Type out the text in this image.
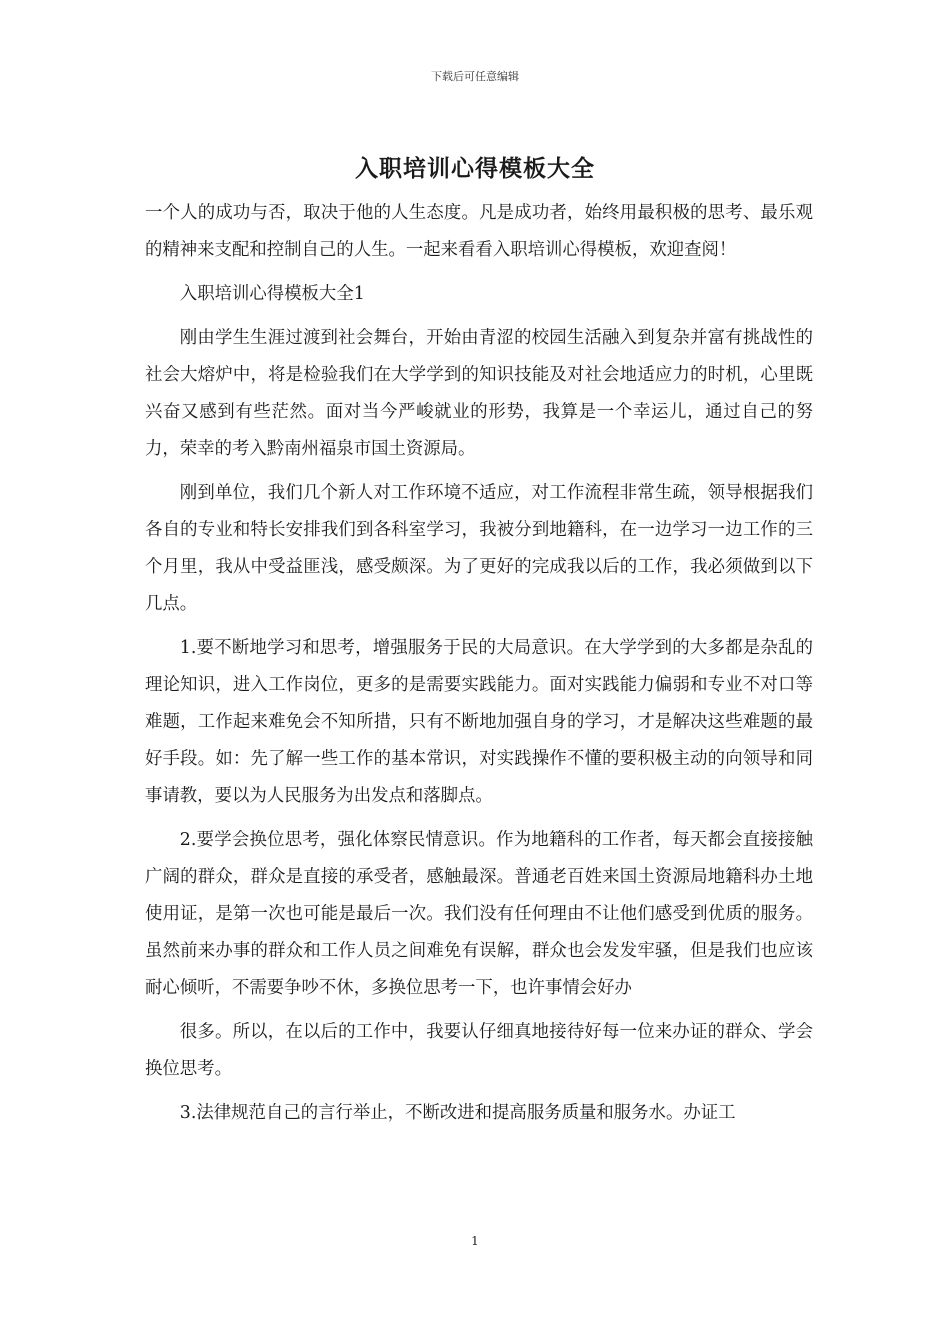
下载后可任意编辑
入职培训心得模板大全

一个人的成功与否，取决于他的人生态度。凡是成功者，始终用最积极的思考、最乐观的精神来支配和控制自己的人生。一起来看看入职培训心得模板，欢迎查阅！

入职培训心得模板大全1

刚由学生生涯过渡到社会舞台，开始由青涩的校园生活融入到复杂并富有挑战性的社会大熔炉中，将是检验我们在大学学到的知识技能及对社会地适应力的时机，心里既兴奋又感到有些茫然。面对当今严峻就业的形势，我算是一个幸运儿，通过自己的努力，荣幸的考入黔南州福泉市国土资源局。

刚到单位，我们几个新人对工作环境不适应，对工作流程非常生疏，领导根据我们各自的专业和特长安排我们到各科室学习，我被分到地籍科，在一边学习一边工作的三个月里，我从中受益匪浅，感受颇深。为了更好的完成我以后的工作，我必须做到以下几点。

1.要不断地学习和思考，增强服务于民的大局意识。在大学学到的大多都是杂乱的理论知识，进入工作岗位，更多的是需要实践能力。面对实践能力偏弱和专业不对口等难题，工作起来难免会不知所措，只有不断地加强自身的学习，才是解决这些难题的最好手段。如：先了解一些工作的基本常识，对实践操作不懂的要积极主动的向领导和同事请教，要以为人民服务为出发点和落脚点。

2.要学会换位思考，强化体察民情意识。作为地籍科的工作者，每天都会直接接触广阔的群众，群众是直接的承受者，感触最深。普通老百姓来国土资源局地籍科办土地使用证，是第一次也可能是最后一次。我们没有任何理由不让他们感受到优质的服务。虽然前来办事的群众和工作人员之间难免有误解，群众也会发发牢骚，但是我们也应该耐心倾听，不需要争吵不休，多换位思考一下，也许事情会好办

很多。所以，在以后的工作中，我要认仔细真地接待好每一位来办证的群众、学会换位思考。

3.法律规范自己的言行举止，不断改进和提高服务质量和服务水。办证工

1
